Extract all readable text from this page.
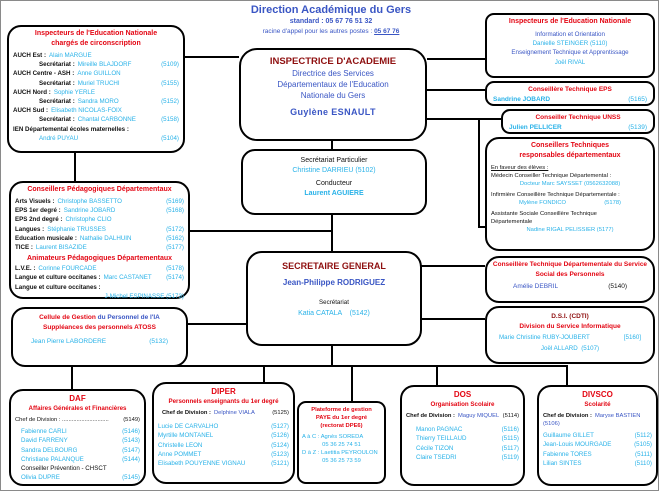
Direction Académique du Gers
standard : 05 67 76 51 32
racine d'appel pour les autres postes : 05 67 76
Inspecteurs de l'Education Nationale
chargés de circonscription
AUCH Est : Alain MARGUE
Secrétariat : Mireille BLAJDORF	(5109)
AUCH Centre - ASH : Anne GUILLON
Secrétariat : Muriel TRUCHI	(5155)
AUCH Nord : Sophie YERLE
Secrétariat : Sandra MORO	(5152)
AUCH Sud : Elisabeth NICOLAS-FOIX
Secrétariat : Chantal CARBONNE	(5158)
IEN Départemental écoles maternelles :
André PUYAU	(5104)
Conseillers Pédagogiques Départementaux
Arts Visuels : Christophe BASSETTO	(5169)
EPS 1er degré : Sandrine JOBARD	(5168)
EPS 2nd degré : Christophe CLIO
Langues : Stéphanie TRUSSES	(5172)
Education musicale : Nathalie DALHUIN	(5162)
TICE : Laurent BISAZIDE	(5177)
Animateurs Pédagogiques Départementaux
L.V.E. : Corinne FOURCADE	(5178)
Langue et culture occitanes : Marc CASTANET (5174)
Langue et culture occitanes :
J-Michel ESPINASSE (5173)
Cellule de Gestion du Personnel de l'IA
Suppléances des personnels ATOSS
Jean Pierre LABORDERE	(5132)
INSPECTRICE D'ACADEMIE
Directrice des Services
Départementaux de l'Education
Nationale du Gers
Guylène ESNAULT
Secrétariat Particulier
Christine DARRIEU (5102)
Conducteur
Laurent AGUIERE
SECRETAIRE GENERAL
Jean-Philippe RODRIGUEZ
Secrétariat
Katia CATALA    (5142)
Inspecteurs de l'Education Nationale
Information et Orientation
Danielle STEINGER (5110)
Enseignement Technique et Apprentissage
Joël RIVAL
Conseillère Technique EPS
Sandrine JOBARD	(5165)
Conseiller Technique UNSS
Julien PELLICER	(5139)
Conseillers Techniques
responsables départementaux
En faveur des élèves :
Médecin Conseiller Technique Départemental :
Docteur Marc SAYSSET (0562632088)
Infirmière Conseillère Technique Départementale :
Mylène FONDICO	(5178)
Assistante Sociale Conseillère Technique
Départementale
Nadine RIGAL PELISSIER (5177)
Conseillère Technique Départementale du Service
Social des Personnels
Amélie DEBRIL	(5140)
D.S.I. (CDTI)
Division du Service Informatique
Marie Christine RUBY-JOUBERT	[5160]
Joël ALLARD (5107)
DAF
Affaires Générales et Financières
Chef de Division : ............................. (5149)
Fabienne CARLI	(5146)
David FARRENY	(5143)
Sandra DELBOURG	(5147)
Christiane PALANQUE	(5144)
Conseiller Prévention - CHSCT
Olivia DUPRE	(5145)
DIPER
Personnels enseignants du 1er degré
Chef de Division : Delphine VIALA	(5125)
Lucie DE CARVALHO	(5127)
Myrtille MONTANEL	(5126)
Christelle LEON	(5124)
Anne POMMET	(5123)
Elisabeth POUYENNE VIGNAU	(5121)
Plateforme de gestion
PAYE du 1er degré
(rectorat DPE6)
A à C : Agnès SOREDA
05 36 25 74 51
D à Z : Laetitia PEYROULON
05 36 25 73 59
DOS
Organisation Scolaire
Chef de Division : Maguy MIQUEL (5114)
Manon PAGNAC	(5116)
Thierry TEILLAUD	(5115)
Cécile TIZON	(5117)
Claire TSEDRI	(5119)
DIVSCO
Scolarité
Chef de Division : Maryse BASTIEN
(5106)
Guillaume GILLET	(5112)
Jean-Louis MOURGADE	(5105)
Fabienne TORES	(5111)
Lilian SINTES	(5110)
